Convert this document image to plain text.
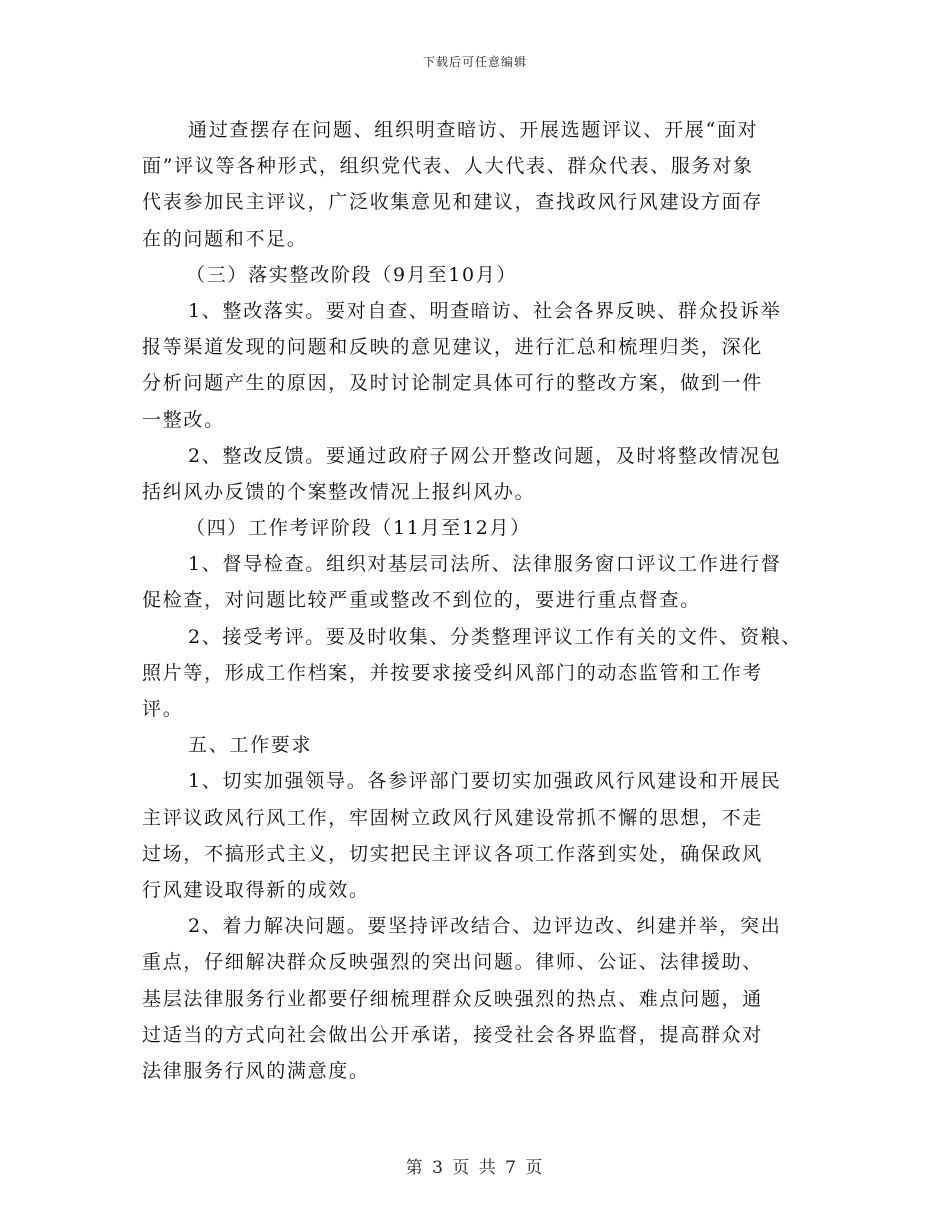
下载后可任意编辑
通过查摆存在问题、组织明查暗访、开展选题评议、开展“面对
面”评议等各种形式，组织党代表、人大代表、群众代表、服务对象
代表参加民主评议，广泛收集意见和建议，查找政风行风建设方面存
在的问题和不足。
（三）落实整改阶段（9月至10月）
1、整改落实。要对自查、明查暗访、社会各界反映、群众投诉举
报等渠道发现的问题和反映的意见建议，进行汇总和梳理归类，深化
分析问题产生的原因，及时讨论制定具体可行的整改方案，做到一件
一整改。
2、整改反馈。要通过政府子网公开整改问题，及时将整改情况包
括纠风办反馈的个案整改情况上报纠风办。
（四）工作考评阶段（11月至12月）
1、督导检查。组织对基层司法所、法律服务窗口评议工作进行督
促检查，对问题比较严重或整改不到位的，要进行重点督查。
2、接受考评。要及时收集、分类整理评议工作有关的文件、资粮、
照片等，形成工作档案，并按要求接受纠风部门的动态监管和工作考
评。
五、工作要求
1、切实加强领导。各参评部门要切实加强政风行风建设和开展民
主评议政风行风工作，牢固树立政风行风建设常抓不懈的思想，不走
过场，不搞形式主义，切实把民主评议各项工作落到实处，确保政风
行风建设取得新的成效。
2、着力解决问题。要坚持评改结合、边评边改、纠建并举，突出
重点，仔细解决群众反映强烈的突出问题。律师、公证、法律援助、
基层法律服务行业都要仔细梳理群众反映强烈的热点、难点问题，通
过适当的方式向社会做出公开承诺，接受社会各界监督，提高群众对
法律服务行风的满意度。
第 3 页 共 7 页
